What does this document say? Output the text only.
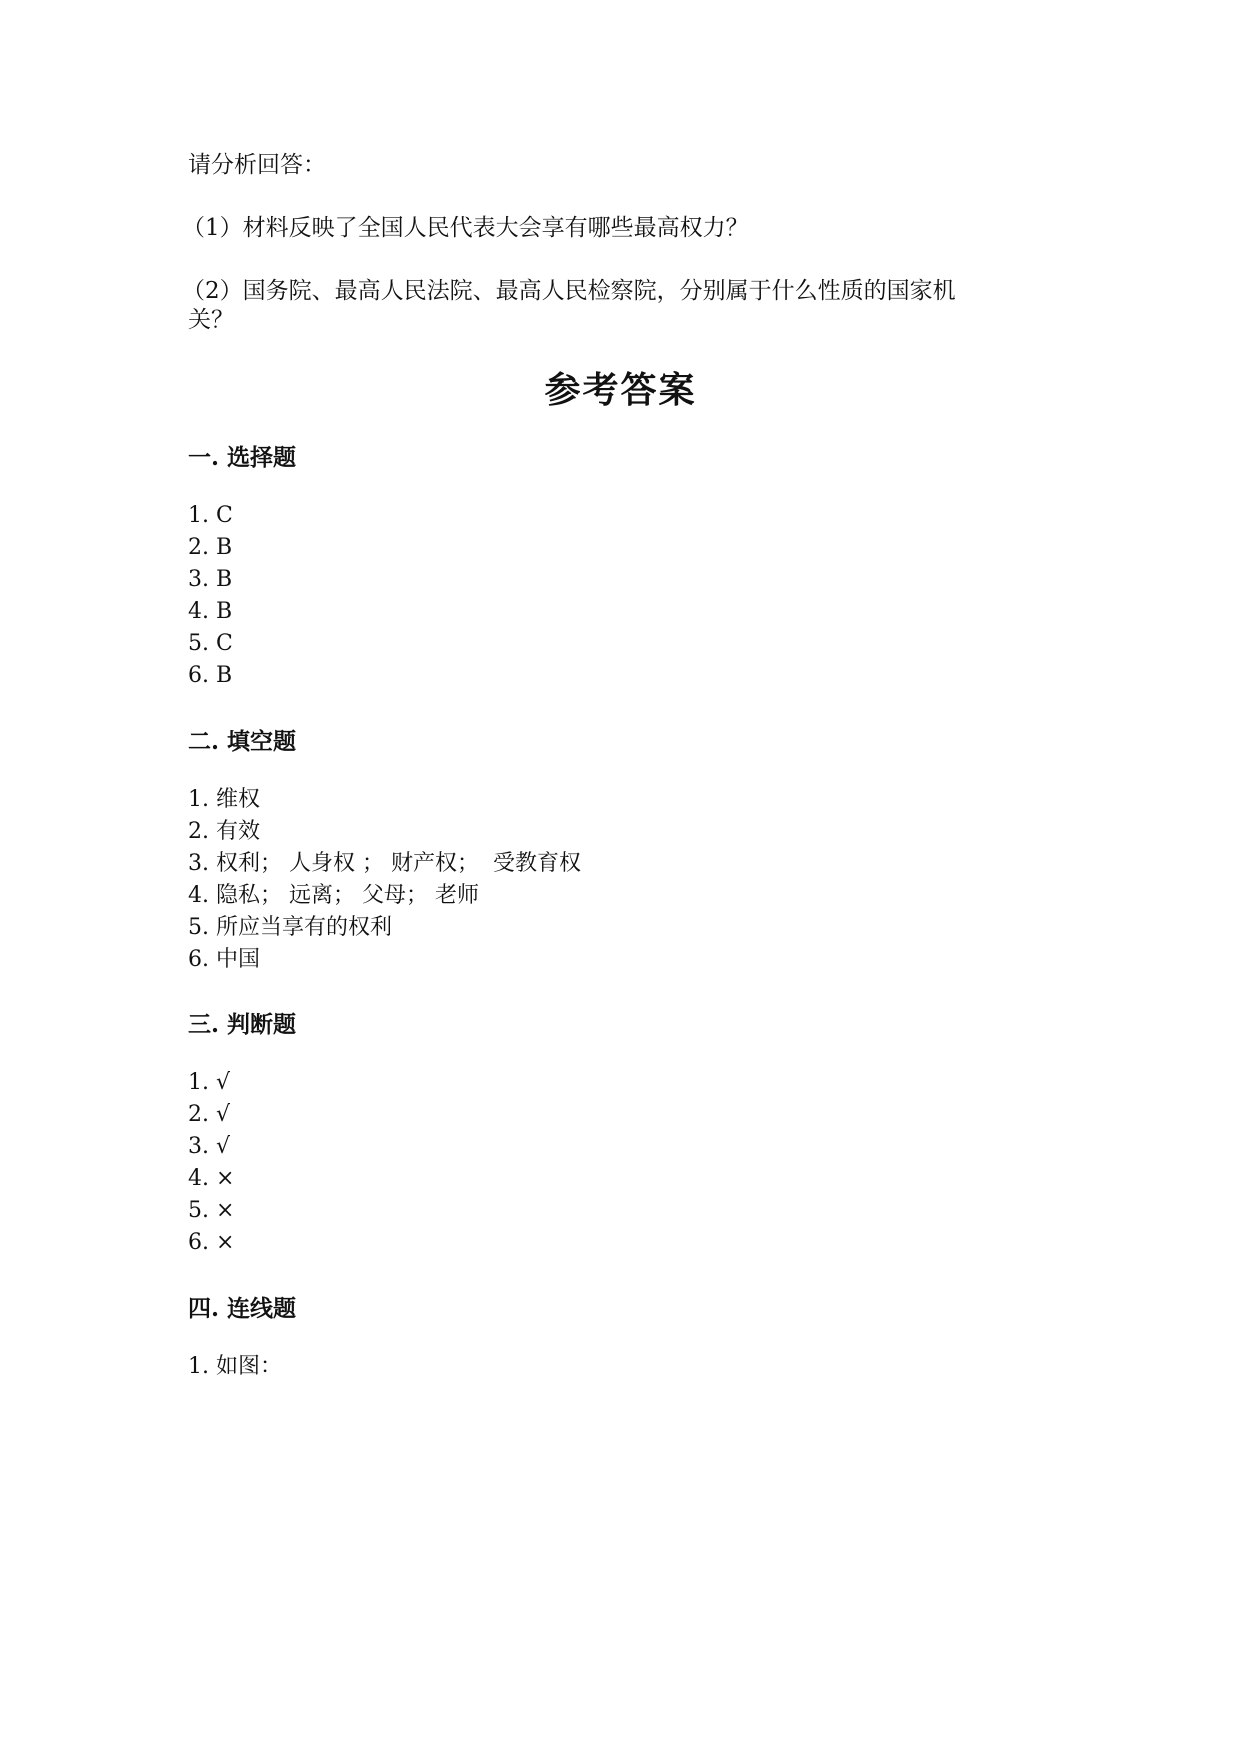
请分析回答：
（1）材料反映了全国人民代表大会享有哪些最高权力？
（2）国务院、最高人民法院、最高人民检察院，分别属于什么性质的国家机
关？
参考答案
一. 选择题
1. C
2. B
3. B
4. B
5. C
6. B
二. 填空题
1. 维权
2. 有效
3. 权利； 人身权 ； 财产权；  受教育权
4. 隐私； 远离； 父母； 老师
5. 所应当享有的权利
6. 中国
三. 判断题
1. √
2. √
3. √
4. ×
5. ×
6. ×
四. 连线题
1. 如图：
